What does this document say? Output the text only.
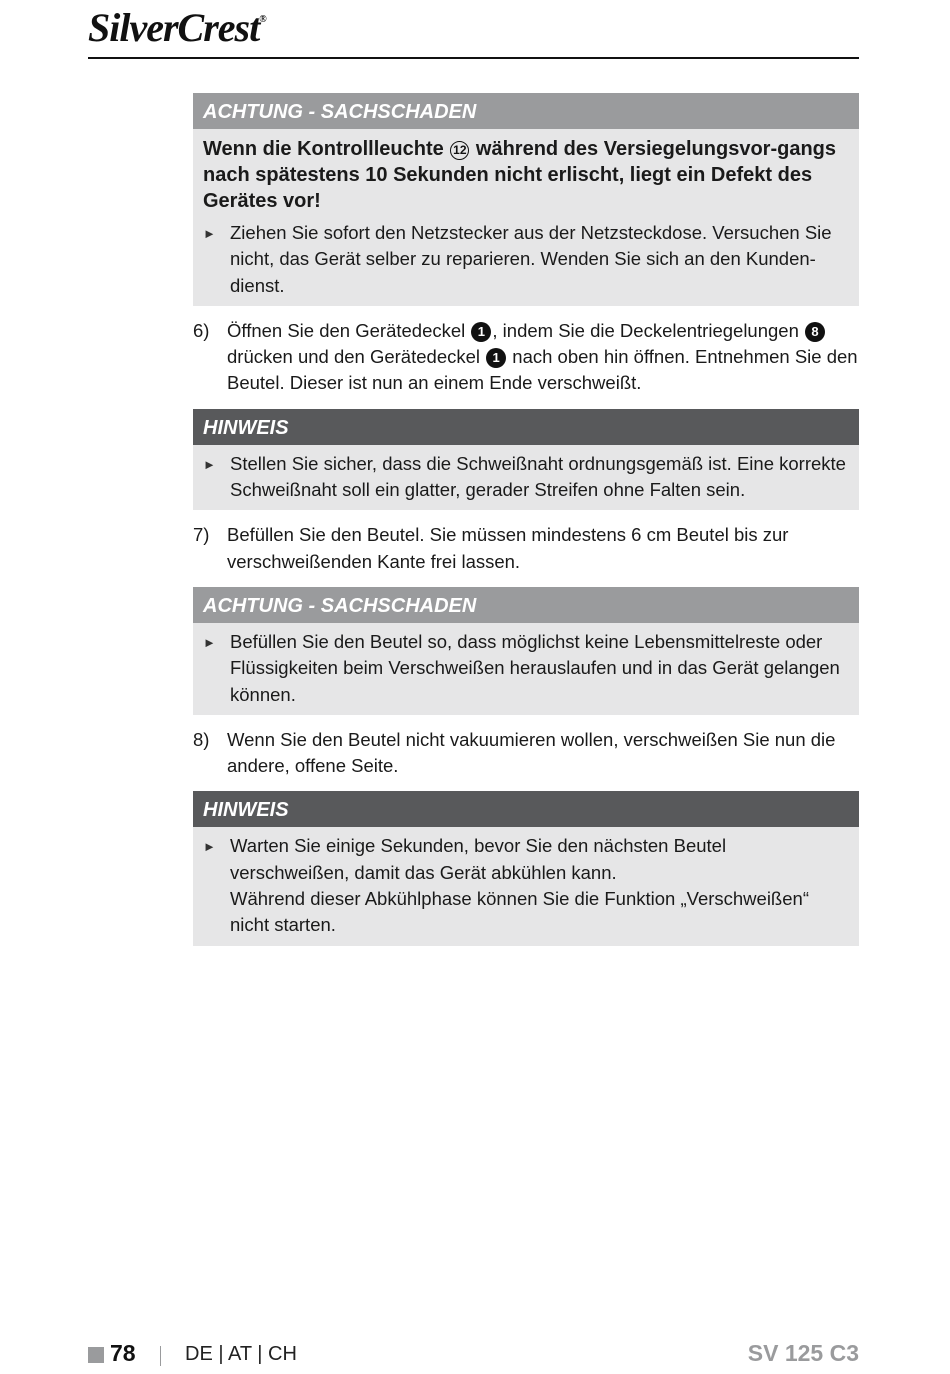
SilverCrest®
ACHTUNG - SACHSCHADEN
Wenn die Kontrollleuchte 12 während des Versiegelungsvor-gangs nach spätestens 10 Sekunden nicht erlischt, liegt ein Defekt des Gerätes vor!
► Ziehen Sie sofort den Netzstecker aus der Netzsteckdose. Versuchen Sie nicht, das Gerät selber zu reparieren. Wenden Sie sich an den Kunden-dienst.
6) Öffnen Sie den Gerätedeckel 1 , indem Sie die Deckelentriegelungen 8 drücken und den Gerätedeckel 1 nach oben hin öffnen. Entnehmen Sie den Beutel. Dieser ist nun an einem Ende verschweißt.
HINWEIS
► Stellen Sie sicher, dass die Schweißnaht ordnungsgemäß ist. Eine korrekte Schweißnaht soll ein glatter, gerader Streifen ohne Falten sein.
7) Befüllen Sie den Beutel. Sie müssen mindestens 6 cm Beutel bis zur verschweißenden Kante frei lassen.
ACHTUNG - SACHSCHADEN
► Befüllen Sie den Beutel so, dass möglichst keine Lebensmittelreste oder Flüssigkeiten beim Verschweißen herauslaufen und in das Gerät gelangen können.
8) Wenn Sie den Beutel nicht vakuumieren wollen, verschweißen Sie nun die andere, offene Seite.
HINWEIS
► Warten Sie einige Sekunden, bevor Sie den nächsten Beutel verschweißen, damit das Gerät abkühlen kann.
Während dieser Abkühlphase können Sie die Funktion „Verschweißen“ nicht starten.
78 DE | AT | CH	SV 125 C3
